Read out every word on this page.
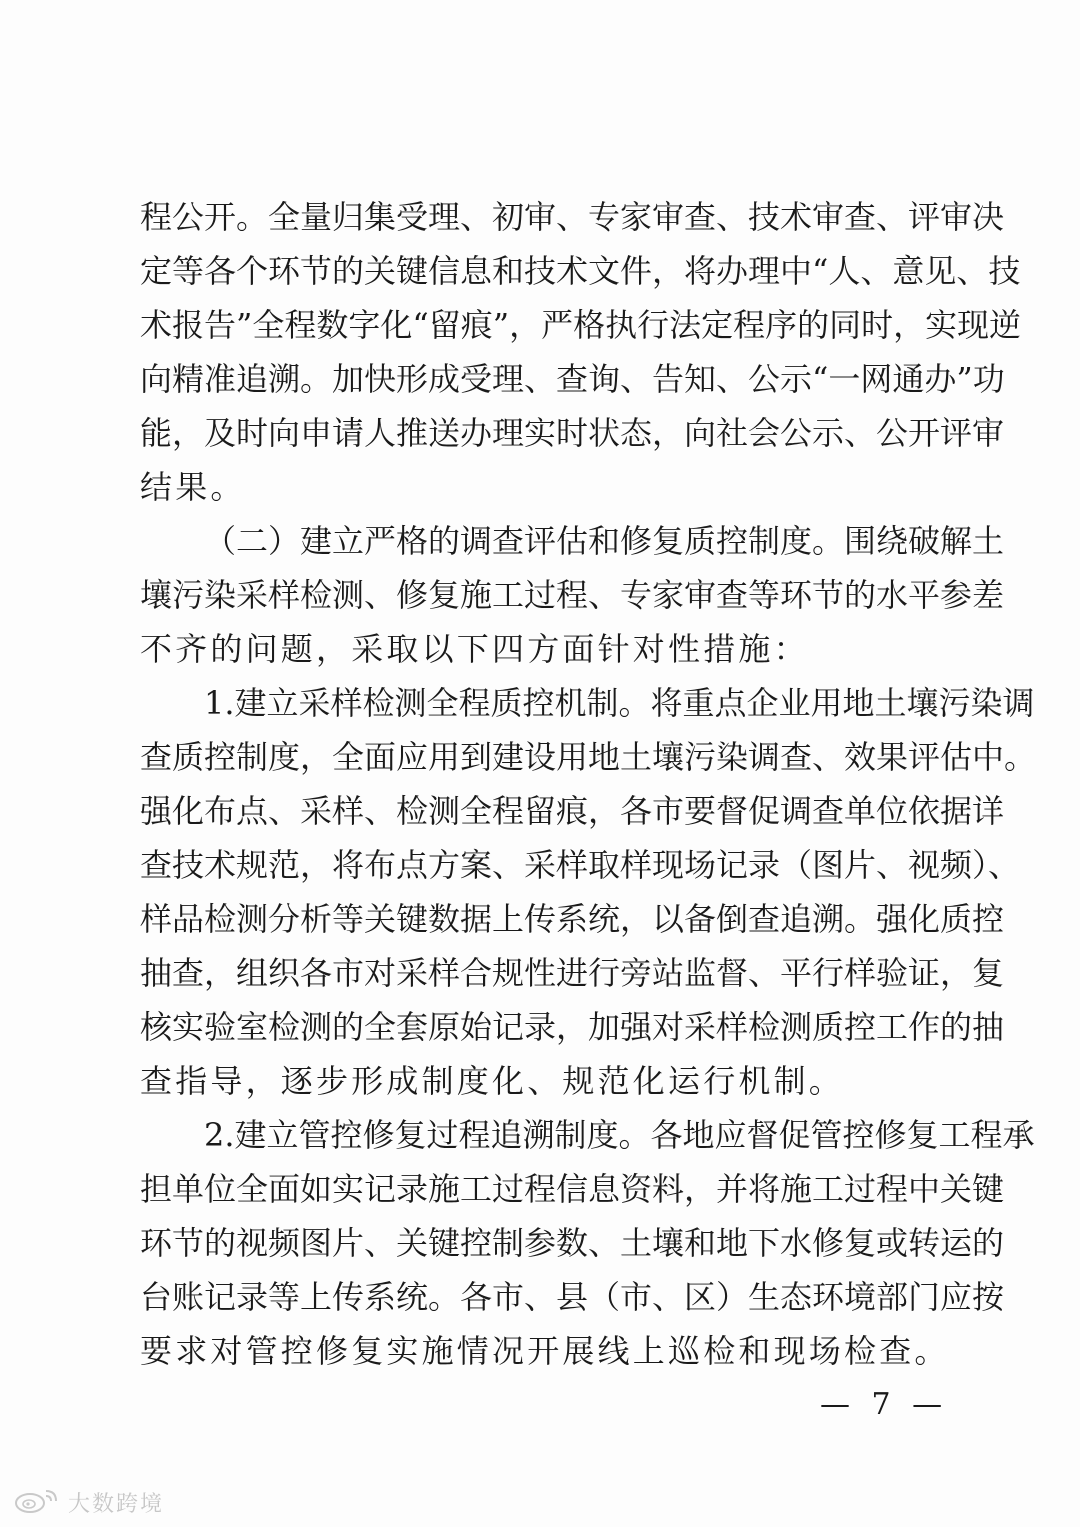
程公开。全量归集受理、初审、专家审查、技术审查、评审决
定等各个环节的关键信息和技术文件，将办理中“人、意见、技
术报告”全程数字化“留痕”，严格执行法定程序的同时，实现逆
向精准追溯。加快形成受理、查询、告知、公示“一网通办”功
能，及时向申请人推送办理实时状态，向社会公示、公开评审
结果。
（二）建立严格的调查评估和修复质控制度。围绕破解土
壤污染采样检测、修复施工过程、专家审查等环节的水平参差
不齐的问题，采取以下四方面针对性措施：
1.建立采样检测全程质控机制。将重点企业用地土壤污染调
查质控制度，全面应用到建设用地土壤污染调查、效果评估中。
强化布点、采样、检测全程留痕，各市要督促调查单位依据详
查技术规范，将布点方案、采样取样现场记录（图片、视频）、
样品检测分析等关键数据上传系统，以备倒查追溯。强化质控
抽查，组织各市对采样合规性进行旁站监督、平行样验证，复
核实验室检测的全套原始记录，加强对采样检测质控工作的抽
查指导，逐步形成制度化、规范化运行机制。
2.建立管控修复过程追溯制度。各地应督促管控修复工程承
担单位全面如实记录施工过程信息资料，并将施工过程中关键
环节的视频图片、关键控制参数、土壤和地下水修复或转运的
台账记录等上传系统。各市、县（市、区）生态环境部门应按
要求对管控修复实施情况开展线上巡检和现场检查。
— 7 —
大数跨境
